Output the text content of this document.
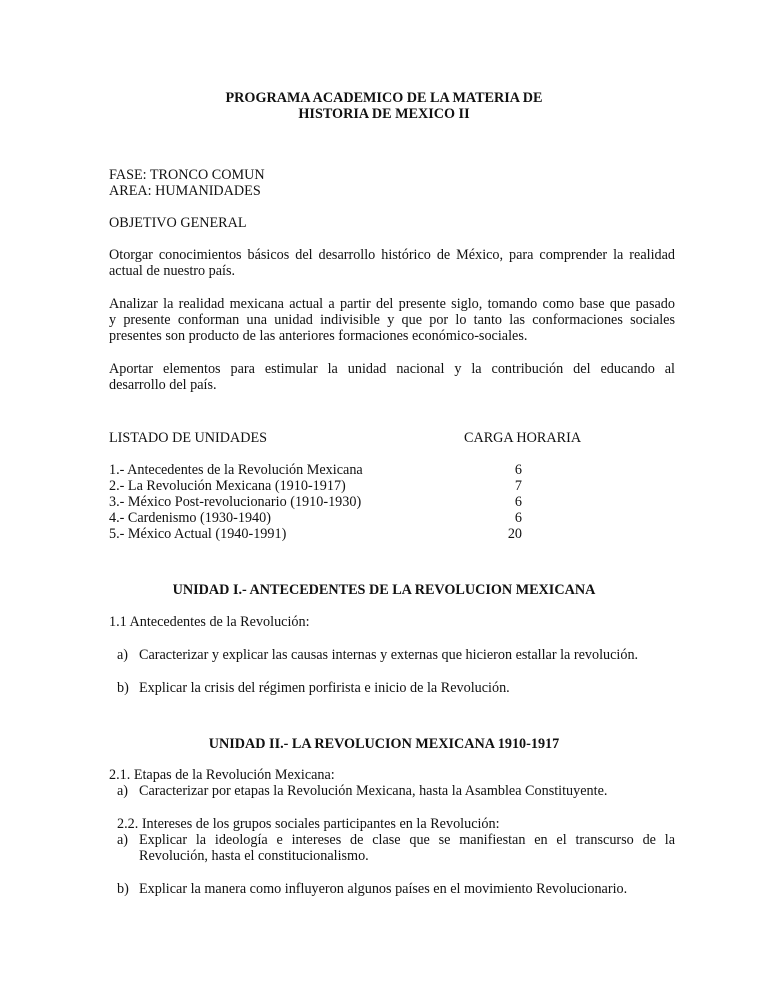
PROGRAMA ACADEMICO DE LA MATERIA DE
HISTORIA DE MEXICO II
FASE: TRONCO COMUN
AREA: HUMANIDADES
OBJETIVO GENERAL
Otorgar conocimientos básicos del desarrollo histórico de México, para comprender la realidad
actual de nuestro país.
Analizar la realidad mexicana actual a partir del presente siglo, tomando como base que pasado
y presente conforman una unidad indivisible y que por lo tanto las conformaciones sociales
presentes son producto de las anteriores formaciones económico-sociales.
Aportar elementos para estimular la unidad nacional y la contribución del educando al
desarrollo del país.
LISTADO DE UNIDADES	CARGA HORARIA
1.- Antecedentes de la Revolución Mexicana	6
2.- La Revolución Mexicana (1910-1917)	7
3.- México Post-revolucionario (1910-1930)	6
4.- Cardenismo (1930-1940)	6
5.- México Actual (1940-1991)	20
UNIDAD I.- ANTECEDENTES DE LA REVOLUCION MEXICANA
1.1 Antecedentes de la Revolución:
a) Caracterizar y explicar las causas internas y externas que hicieron estallar la revolución.
b) Explicar la crisis del régimen porfirista e inicio de la Revolución.
UNIDAD II.- LA REVOLUCION MEXICANA 1910-1917
2.1. Etapas de la Revolución Mexicana:
a) Caracterizar por etapas la Revolución Mexicana, hasta la Asamblea Constituyente.
2.2. Intereses de los grupos sociales participantes en la Revolución:
a) Explicar la ideología e intereses de clase que se manifiestan en el transcurso de la
Revolución, hasta el constitucionalismo.
b) Explicar la manera como influyeron algunos países en el movimiento Revolucionario.
